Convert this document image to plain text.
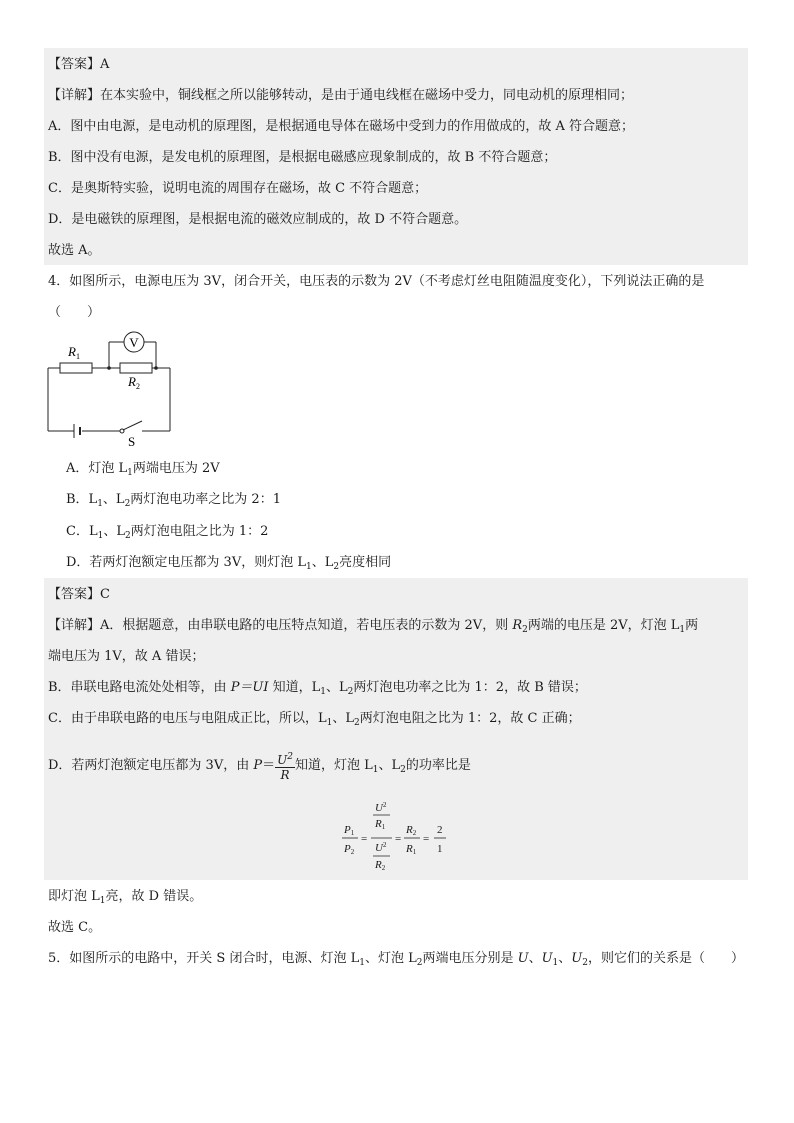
【答案】A
【详解】在本实验中，铜线框之所以能够转动，是由于通电线框在磁场中受力，同电动机的原理相同；
A．图中由电源，是电动机的原理图，是根据通电导体在磁场中受到力的作用做成的，故 A 符合题意；
B．图中没有电源，是发电机的原理图，是根据电磁感应现象制成的，故 B 不符合题意；
C．是奥斯特实验，说明电流的周围存在磁场，故 C 不符合题意；
D．是电磁铁的原理图，是根据电流的磁效应制成的，故 D 不符合题意。
故选 A。
4．如图所示，电源电压为 3V，闭合开关，电压表的示数为 2V（不考虑灯丝电阻随温度变化），下列说法正确的是
（　　）
V
$R_1$
$R_2$
S
A．灯泡 $L_1$两端电压为 2V
B．$L_1$、$L_2$两灯泡电功率之比为 2：1
C．$L_1$、$L_2$两灯泡电阻之比为 1：2
D．若两灯泡额定电压都为 3V，则灯泡 $L_1$、$L_2$亮度相同
【答案】C
【详解】A．根据题意，由串联电路的电压特点知道，若电压表的示数为 2V，则 $R_2$两端的电压是 2V，灯泡 $L_1$两
端电压为 1V，故 A 错误；
B．串联电路电流处处相等，由 P＝UI 知道，$L_1$、$L_2$两灯泡电功率之比为 1：2，故 B 错误；
C．由于串联电路的电压与电阻成正比，所以，$L_1$、$L_2$两灯泡电阻之比为 1：2，故 C 正确；
D．若两灯泡额定电压都为 3V，由 $P= \frac{U^2}{R}$ 知道，灯泡 $L_1$、$L_2$的功率比是
P1
P2
=
$U^2$
R1
$U^2$
R2
=
R2
R1
=
2
1
即灯泡 $L_1$亮，故 D 错误。
故选 C。
5．如图所示的电路中，开关 S 闭合时，电源、灯泡 $L_1$、灯泡 $L_2$两端电压分别是 U、$U_1$、$U_2$，则它们的关系是（　　）
